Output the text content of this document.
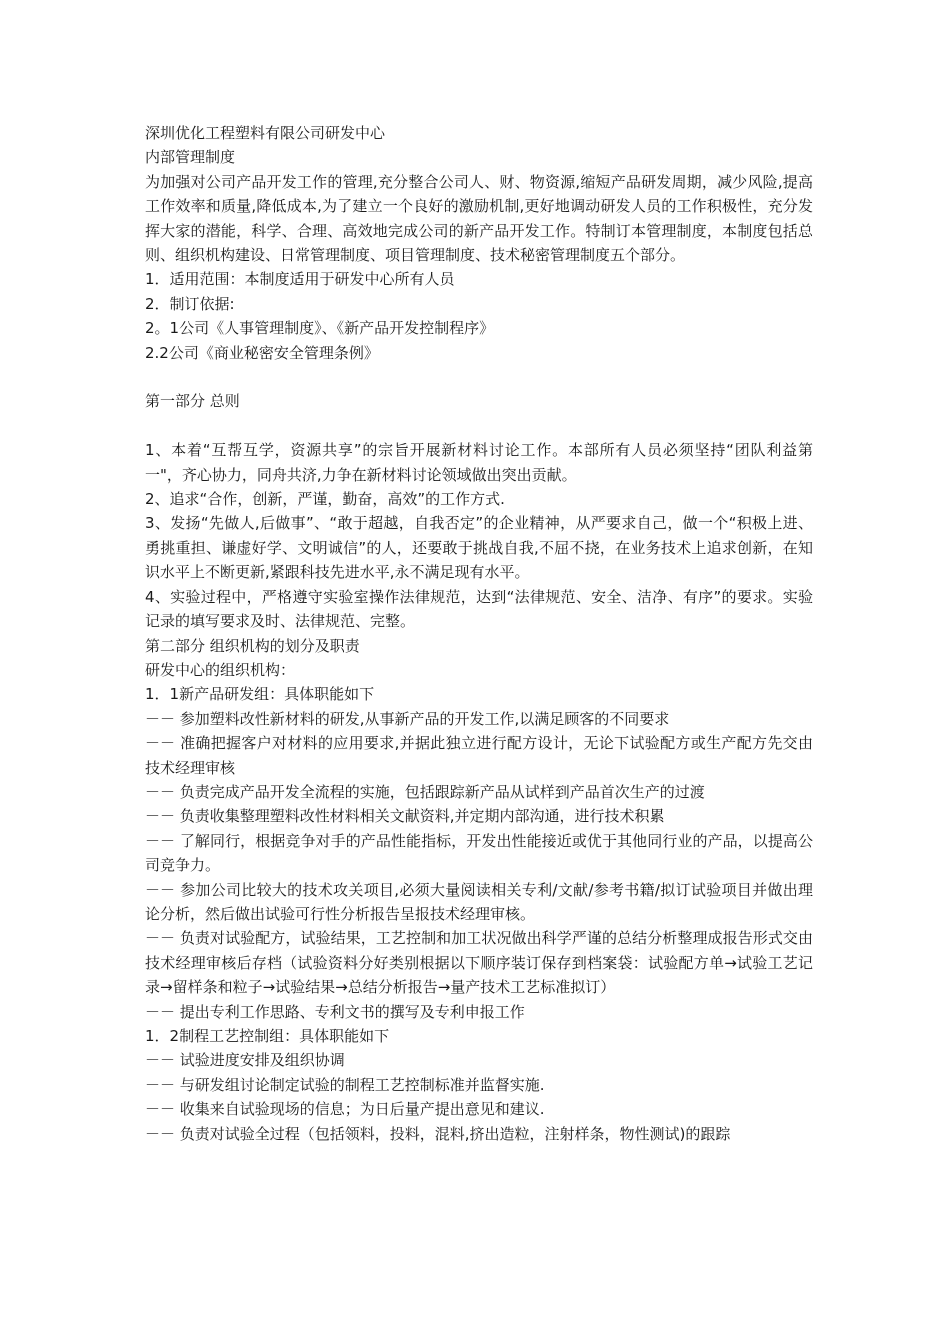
深圳优化工程塑料有限公司研发中心
内部管理制度

为加强对公司产品开发工作的管理,充分整合公司人、财、物资源,缩短产品研发周期，减少风险,提高工作效率和质量,降低成本,为了建立一个良好的激励机制,更好地调动研发人员的工作积极性，充分发挥大家的潜能，科学、合理、高效地完成公司的新产品开发工作。特制订本管理制度，本制度包括总则、组织机构建设、日常管理制度、项目管理制度、技术秘密管理制度五个部分。

1．适用范围：本制度适用于研发中心所有人员
2．制订依据:
2。1公司《人事管理制度》、《新产品开发控制程序》
2.2公司《商业秘密安全管理条例》
第一部分 总则

1、本着“互帮互学，资源共享”的宗旨开展新材料讨论工作。本部所有人员必须坚持“团队利益第一"，齐心协力，同舟共济,力争在新材料讨论领域做出突出贡献。

2、追求“合作，创新，严谨，勤奋，高效”的工作方式.

3、发扬“先做人,后做事”、“敢于超越，自我否定”的企业精神，从严要求自己，做一个“积极上进、勇挑重担、谦虚好学、文明诚信”的人，还要敢于挑战自我,不屈不挠，在业务技术上追求创新，在知识水平上不断更新,紧跟科技先进水平,永不满足现有水平。

4、实验过程中，严格遵守实验室操作法律规范，达到“法律规范、安全、洁净、有序”的要求。实验记录的填写要求及时、法律规范、完整。

第二部分 组织机构的划分及职责
研发中心的组织机构：
1．1新产品研发组：具体职能如下

－－ 参加塑料改性新材料的研发,从事新产品的开发工作,以满足顾客的不同要求

－－ 准确把握客户对材料的应用要求,并据此独立进行配方设计，无论下试验配方或生产配方先交由技术经理审核

－－ 负责完成产品开发全流程的实施，包括跟踪新产品从试样到产品首次生产的过渡

－－ 负责收集整理塑料改性材料相关文献资料,并定期内部沟通，进行技术积累

－－ 了解同行，根据竞争对手的产品性能指标，开发出性能接近或优于其他同行业的产品，以提高公司竞争力。

－－ 参加公司比较大的技术攻关项目,必须大量阅读相关专利/文献/参考书籍/拟订试验项目并做出理论分析，然后做出试验可行性分析报告呈报技术经理审核。

－－ 负责对试验配方，试验结果，工艺控制和加工状况做出科学严谨的总结分析整理成报告形式交由技术经理审核后存档（试验资料分好类别根据以下顺序装订保存到档案袋：试验配方单→试验工艺记录→留样条和粒子→试验结果→总结分析报告→量产技术工艺标准拟订）

－－ 提出专利工作思路、专利文书的撰写及专利申报工作

1．2制程工艺控制组：具体职能如下

－－ 试验进度安排及组织协调

－－ 与研发组讨论制定试验的制程工艺控制标准并监督实施.

－－ 收集来自试验现场的信息；为日后量产提出意见和建议.

－－ 负责对试验全过程（包括领料，投料，混料,挤出造粒，注射样条，物性测试)的跟踪
